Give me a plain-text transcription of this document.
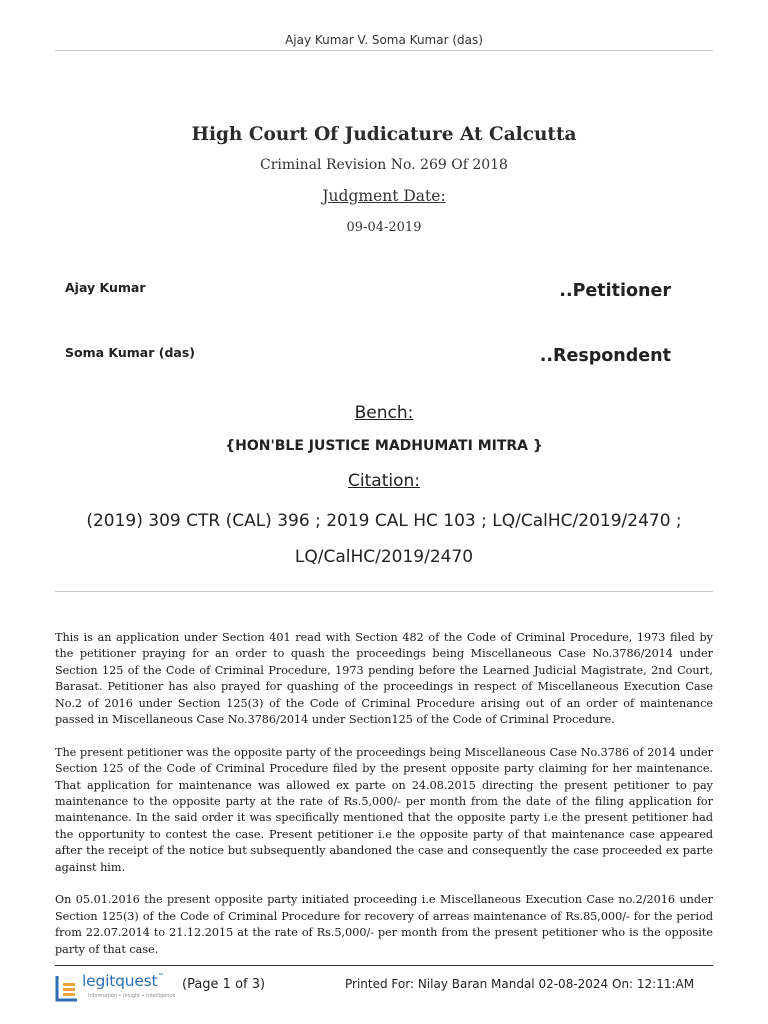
Ajay Kumar V. Soma Kumar (das)
High Court Of Judicature At Calcutta
Criminal Revision No. 269 Of 2018
Judgment Date:
09-04-2019
Ajay Kumar	..Petitioner
Soma Kumar (das)	..Respondent
Bench:
{HON'BLE JUSTICE MADHUMATI MITRA }
Citation:
(2019) 309 CTR (CAL) 396 ; 2019 CAL HC 103 ; LQ/CalHC/2019/2470 ; LQ/CalHC/2019/2470

This is an application under Section 401 read with Section 482 of the Code of Criminal Procedure, 1973 filed by the petitioner praying for an order to quash the proceedings being Miscellaneous Case No.3786/2014 under Section 125 of the Code of Criminal Procedure, 1973 pending before the Learned Judicial Magistrate, 2nd Court, Barasat. Petitioner has also prayed for quashing of the proceedings in respect of Miscellaneous Execution Case No.2 of 2016 under Section 125(3) of the Code of Criminal Procedure arising out of an order of maintenance passed in Miscellaneous Case No.3786/2014 under Section125 of the Code of Criminal Procedure.

The present petitioner was the opposite party of the proceedings being Miscellaneous Case No.3786 of 2014 under Section 125 of the Code of Criminal Procedure filed by the present opposite party claiming for her maintenance. That application for maintenance was allowed ex parte on 24.08.2015 directing the present petitioner to pay maintenance to the opposite party at the rate of Rs.5,000/- per month from the date of the filing application for maintenance. In the said order it was specifically mentioned that the opposite party i.e the present petitioner had the opportunity to contest the case. Present petitioner i.e the opposite party of that maintenance case appeared after the receipt of the notice but subsequently abandoned the case and consequently the case proceeded ex parte against him.

On 05.01.2016 the present opposite party initiated proceeding i.e Miscellaneous Execution Case no.2/2016 under Section 125(3) of the Code of Criminal Procedure for recovery of arreas maintenance of Rs.85,000/- for the period from 22.07.2014 to 21.12.2015 at the rate of Rs.5,000/- per month from the present petitioner who is the opposite party of that case.

legitquest™
Information • Insight • Intelligence
(Page 1 of 3)	Printed For: Nilay Baran Mandal 02-08-2024 On: 12:11:AM
